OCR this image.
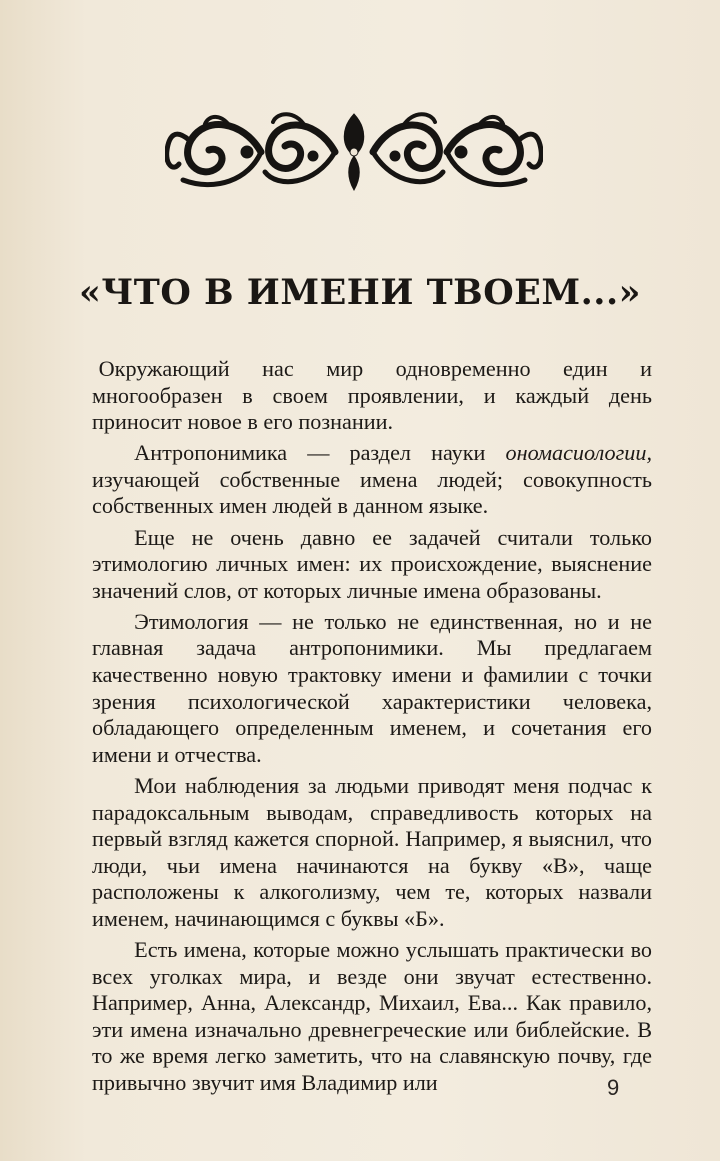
«ЧТО В ИМЕНИ ТВОЕМ...»

Окружающий нас мир одновременно един и многообразен в своем проявлении, и каждый день приносит новое в его познании.

Антропонимика — раздел науки ономасиологии, изучающей собственные имена людей; совокупность собственных имен людей в данном языке.

Еще не очень давно ее задачей считали только этимологию личных имен: их происхождение, выяснение значений слов, от которых личные имена образованы.

Этимология — не только не единственная, но и не главная задача антропонимики. Мы предлагаем качественно новую трактовку имени и фамилии с точки зрения психологической характеристики человека, обладающего определенным именем, и сочетания его имени и отчества.

Мои наблюдения за людьми приводят меня подчас к парадоксальным выводам, справедливость которых на первый взгляд кажется спорной. Например, я выяснил, что люди, чьи имена начинаются на букву «В», чаще расположены к алкоголизму, чем те, которых назвали именем, начинающимся с буквы «Б».

Есть имена, которые можно услышать практически во всех уголках мира, и везде они звучат естественно. Например, Анна, Александр, Михаил, Ева... Как правило, эти имена изначально древнегреческие или библейские. В то же время легко заметить, что на славянскую почву, где привычно звучит имя Владимир или	9
